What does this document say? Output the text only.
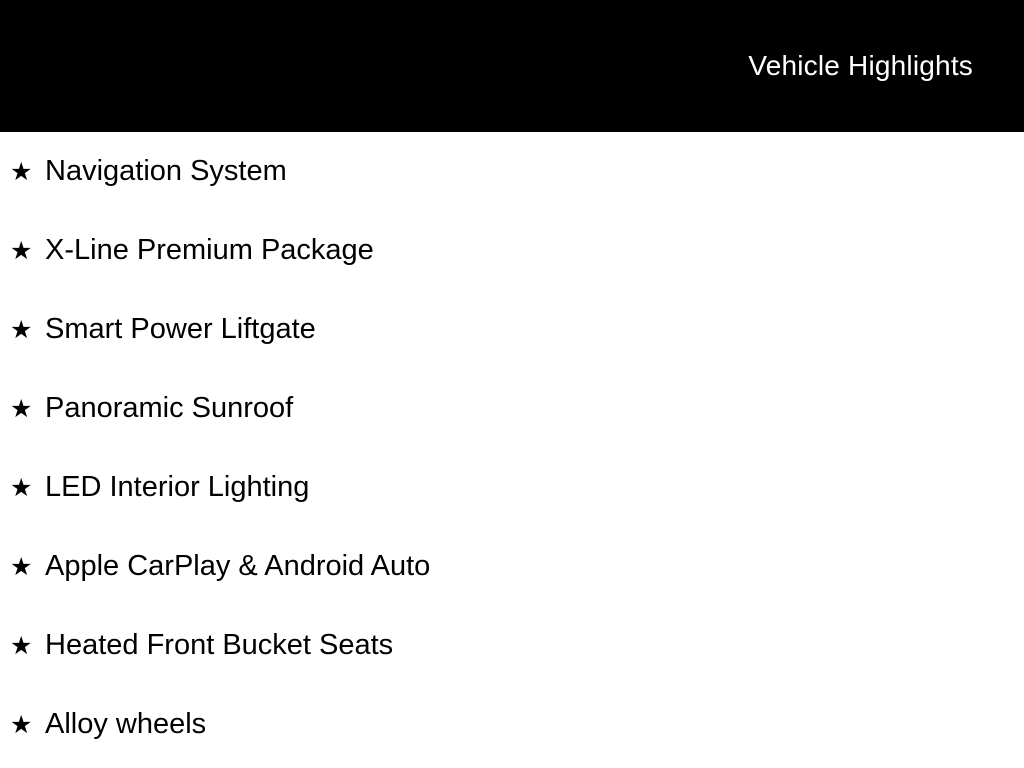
Vehicle Highlights
★ Navigation System
★ X-Line Premium Package
★ Smart Power Liftgate
★ Panoramic Sunroof
★ LED Interior Lighting
★ Apple CarPlay & Android Auto
★ Heated Front Bucket Seats
★ Alloy wheels
